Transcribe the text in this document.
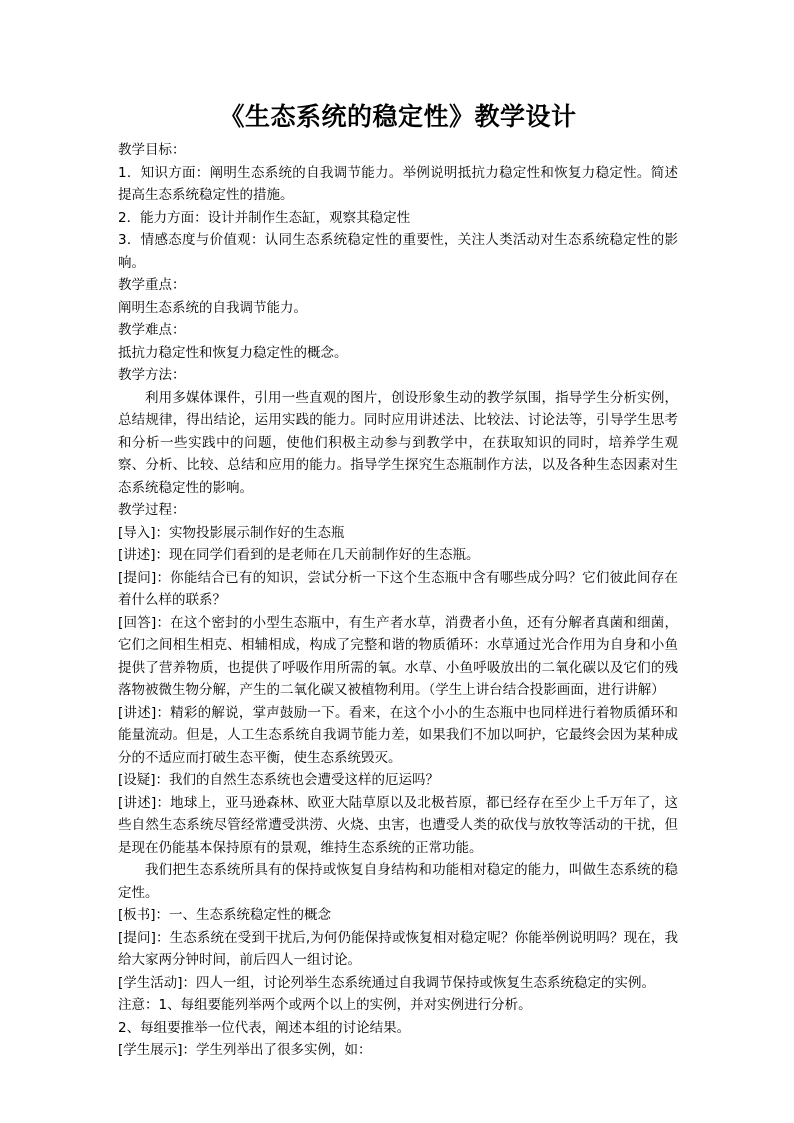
《生态系统的稳定性》教学设计

教学目标：

1．知识方面：阐明生态系统的自我调节能力。举例说明抵抗力稳定性和恢复力稳定性。简述提高生态系统稳定性的措施。

2．能力方面：设计并制作生态缸，观察其稳定性

3．情感态度与价值观：认同生态系统稳定性的重要性，关注人类活动对生态系统稳定性的影响。

教学重点：

阐明生态系统的自我调节能力。

教学难点：

抵抗力稳定性和恢复力稳定性的概念。

教学方法：

利用多媒体课件，引用一些直观的图片，创设形象生动的教学氛围，指导学生分析实例，总结规律，得出结论，运用实践的能力。同时应用讲述法、比较法、讨论法等，引导学生思考和分析一些实践中的问题，使他们积极主动参与到教学中，在获取知识的同时，培养学生观察、分析、比较、总结和应用的能力。指导学生探究生态瓶制作方法，以及各种生态因素对生态系统稳定性的影响。

教学过程：

[导入]：实物投影展示制作好的生态瓶

[讲述]：现在同学们看到的是老师在几天前制作好的生态瓶。

[提问]：你能结合已有的知识，尝试分析一下这个生态瓶中含有哪些成分吗？它们彼此间存在着什么样的联系？

[回答]：在这个密封的小型生态瓶中，有生产者水草，消费者小鱼，还有分解者真菌和细菌，它们之间相生相克、相辅相成，构成了完整和谐的物质循环：水草通过光合作用为自身和小鱼提供了营养物质，也提供了呼吸作用所需的氧。水草、小鱼呼吸放出的二氧化碳以及它们的残落物被微生物分解，产生的二氧化碳又被植物利用。（学生上讲台结合投影画面，进行讲解）

[讲述]：精彩的解说，掌声鼓励一下。看来，在这个小小的生态瓶中也同样进行着物质循环和能量流动。但是，人工生态系统自我调节能力差，如果我们不加以呵护，它最终会因为某种成分的不适应而打破生态平衡，使生态系统毁灭。

[设疑]：我们的自然生态系统也会遭受这样的厄运吗？

[讲述]：地球上，亚马逊森林、欧亚大陆草原以及北极苔原，都已经存在至少上千万年了，这些自然生态系统尽管经常遭受洪涝、火烧、虫害，也遭受人类的砍伐与放牧等活动的干扰，但是现在仍能基本保持原有的景观，维持生态系统的正常功能。

我们把生态系统所具有的保持或恢复自身结构和功能相对稳定的能力，叫做生态系统的稳定性。

[板书]：一、生态系统稳定性的概念

[提问]：生态系统在受到干扰后,为何仍能保持或恢复相对稳定呢？你能举例说明吗？现在，我给大家两分钟时间，前后四人一组讨论。

[学生活动]：四人一组，讨论列举生态系统通过自我调节保持或恢复生态系统稳定的实例。

注意：1、每组要能列举两个或两个以上的实例，并对实例进行分析。

2、每组要推举一位代表，阐述本组的讨论结果。

[学生展示]：学生列举出了很多实例，如：
